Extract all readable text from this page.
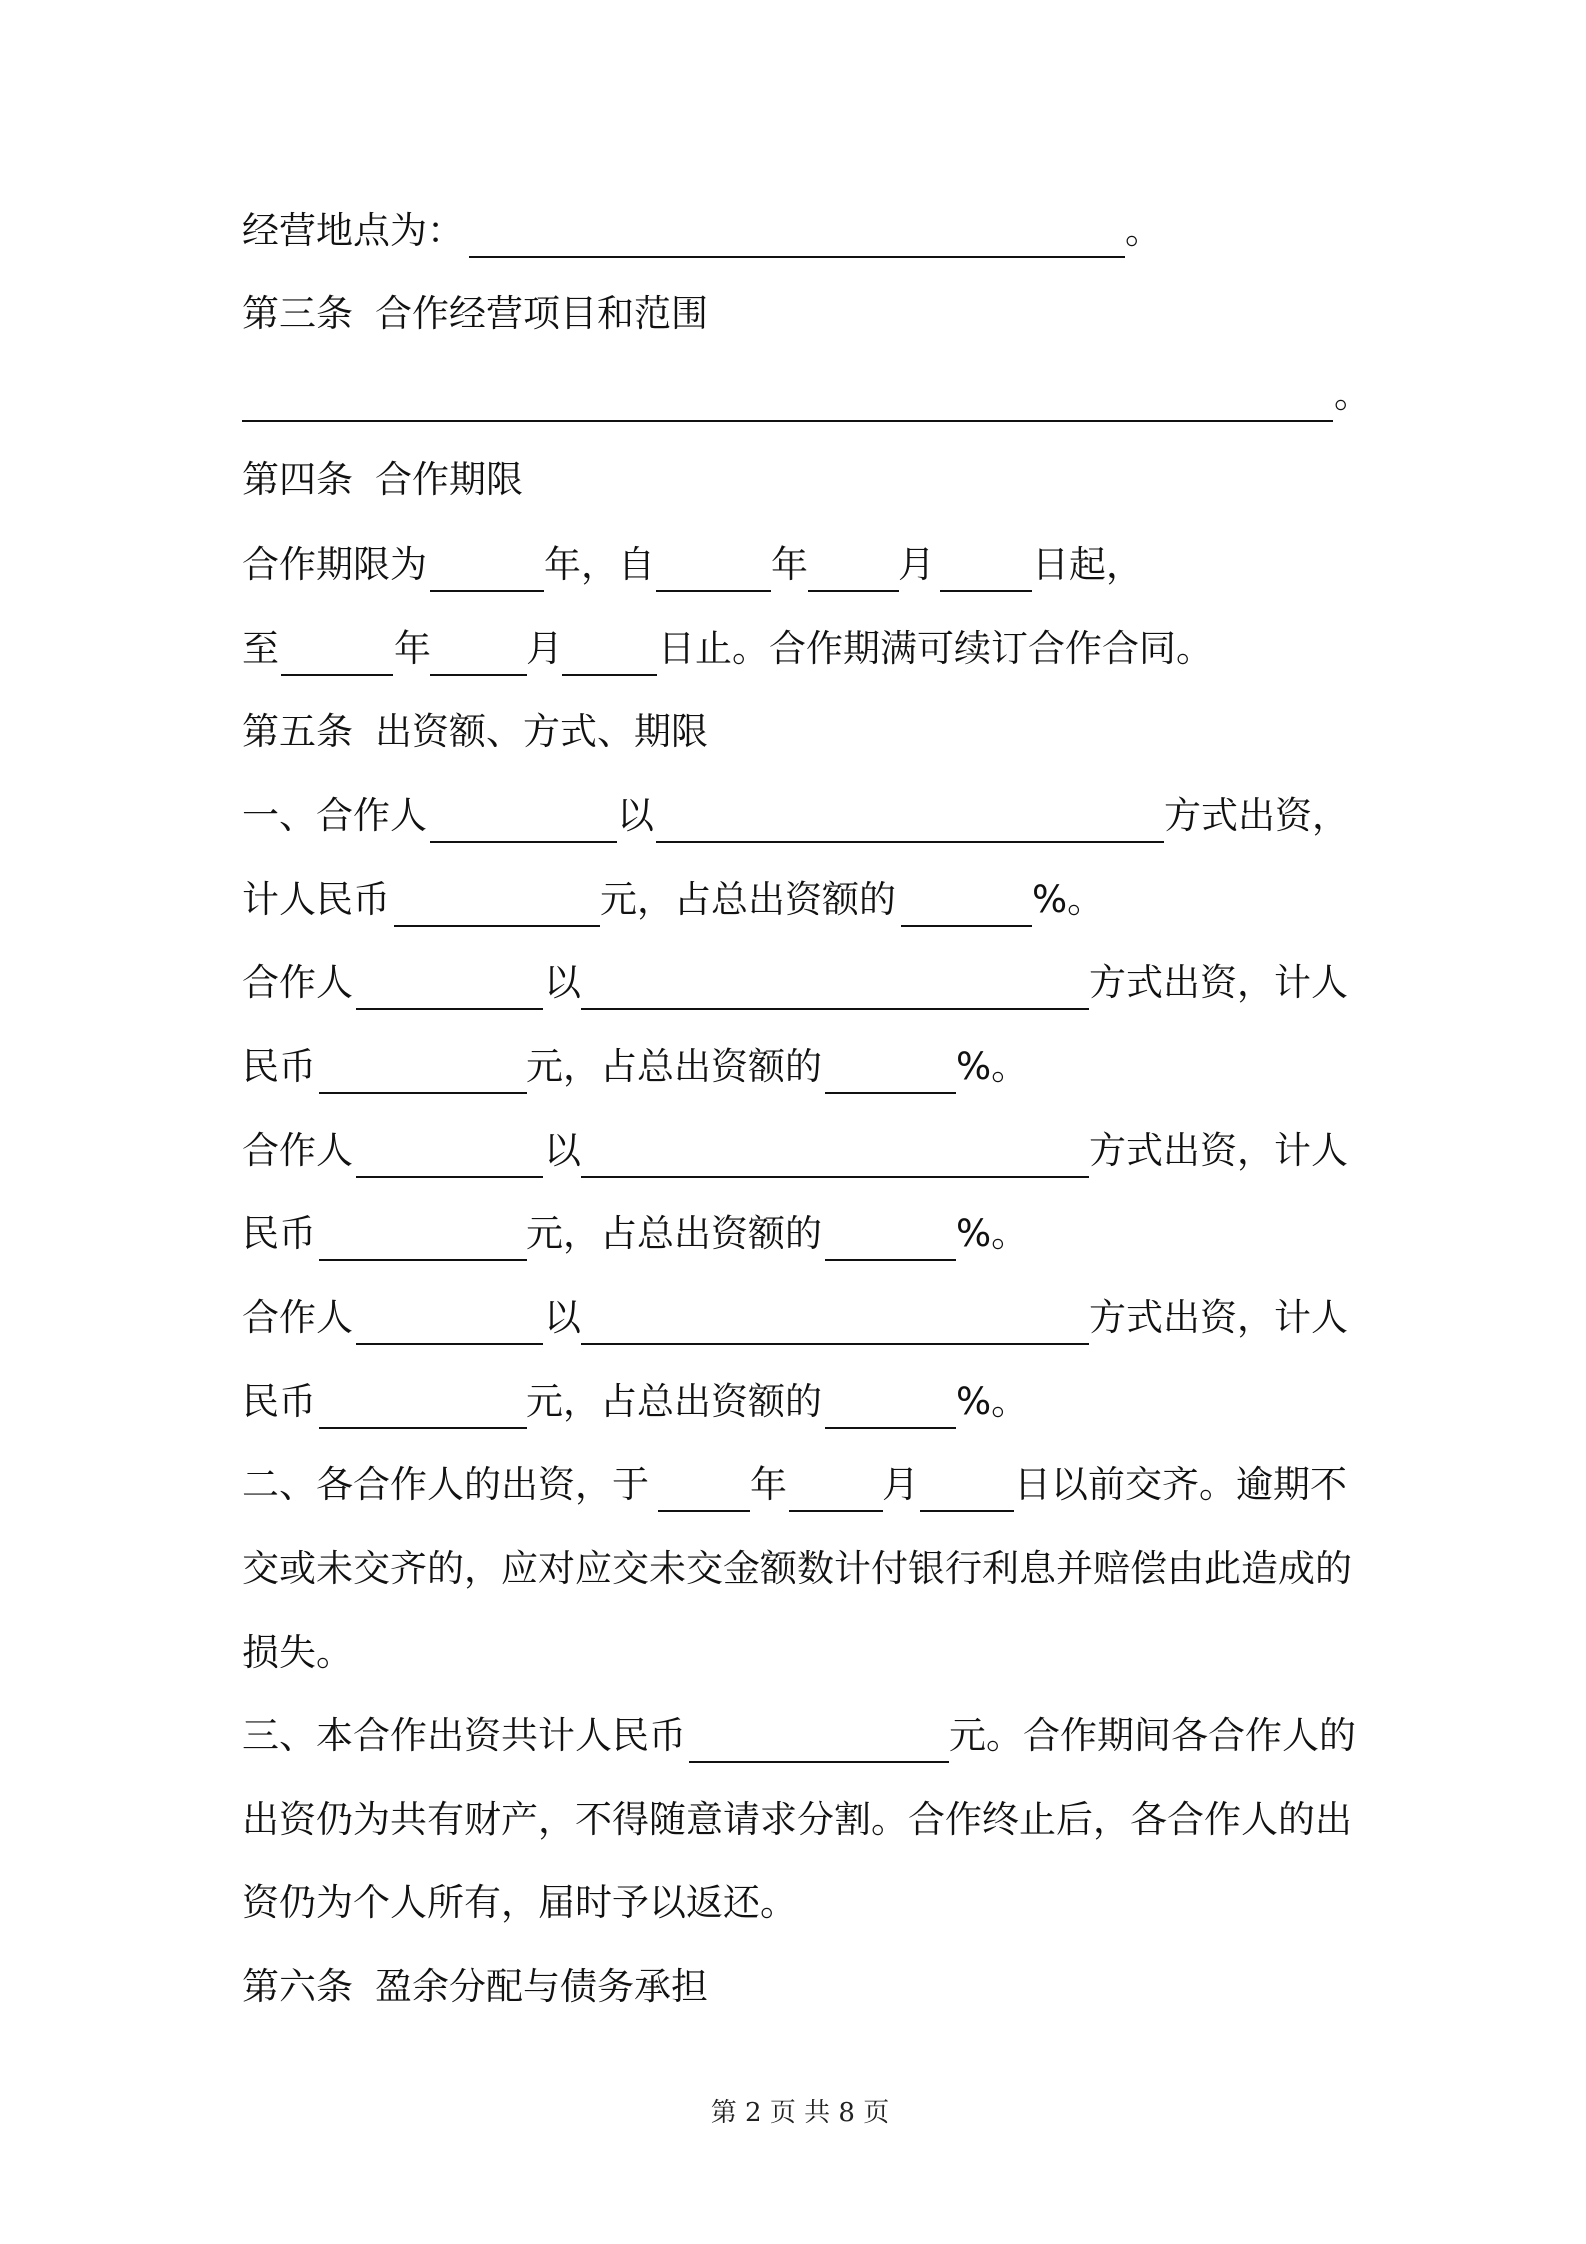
经营地点为：	。
第三条 合作经营项目和范围
。
第四条 合作期限
合作期限为	年，自	年 月	日起，
至	年	月	日止。合作期满可续订合作合同。
第五条 出资额、方式、期限
一、合作人	以	方式出资，
计人民币	元，占总出资额的	%。
合作人	以	方式出资，计人
民币	元，占总出资额的	%。
合作人	以	方式出资，计人
民币	元，占总出资额的	%。
合作人	以	方式出资，计人
民币	元，占总出资额的	%。
二、各合作人的出资，于	年	月	日以前交齐。逾期不
交或未交齐的，应对应交未交金额数计付银行利息并赔偿由此造成的
损失。
三、本合作出资共计人民币	元。合作期间各合作人的
出资仍为共有财产，不得随意请求分割。合作终止后，各合作人的出
资仍为个人所有，届时予以返还。
第六条 盈余分配与债务承担
第 2 页 共 8 页
